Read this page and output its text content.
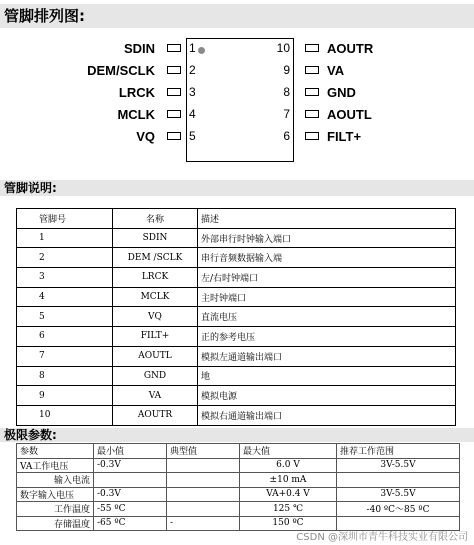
管脚排列图:
SDIN	1
DEM/SCLK	2
LRCK	3
MCLK	4
VQ	5
10	AOUTR
9	VA
8	GND
7	AOUTL
6	FILT+
管脚说明:
管脚号	名称	描述
1	SDIN	外部串行时钟输入端口
2	DEM /SCLK	串行音频数据输入端
3	LRCK	左/右时钟端口
4	MCLK	主时钟端口
5	VQ	直流电压
6	FILT+	正的参考电压
7	AOUTL	模拟左通道输出端口
8	GND	地
9	VA	模拟电源
10	AOUTR	模拟右通道输出端口
极限参数:
参数	最小值	典型值	最大值	推荐工作范围
VA工作电压	-0.3V		6.0 V	3V-5.5V
输入电流			±10 mA	
数字输入电压	-0.3V		VA+0.4 V	3V-5.5V
工作温度	-55 ºC		125 ℃	-40 ºC～85 ºC
存储温度	-65 ºC	-	150 ºC	
CSDN @深圳市青牛科技实业有限公司
